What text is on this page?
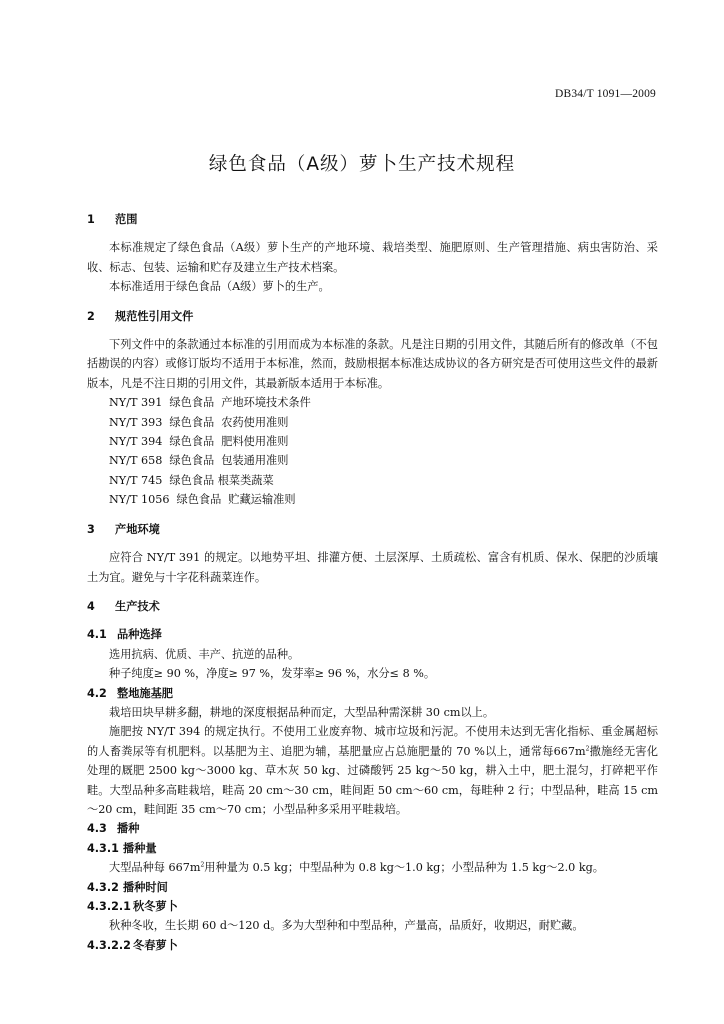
DB34/T 1091—2009
绿色食品（A级）萝卜生产技术规程
1 范围

本标准规定了绿色食品（A级）萝卜生产的产地环境、栽培类型、施肥原则、生产管理措施、病虫害防治、采收、标志、包装、运输和贮存及建立生产技术档案。

本标准适用于绿色食品（A级）萝卜的生产。

2 规范性引用文件

下列文件中的条款通过本标准的引用而成为本标准的条款。凡是注日期的引用文件，其随后所有的修改单（不包括勘误的内容）或修订版均不适用于本标准，然而，鼓励根据本标准达成协议的各方研究是否可使用这些文件的最新版本，凡是不注日期的引用文件，其最新版本适用于本标准。

NY/T 391  绿色食品  产地环境技术条件
NY/T 393  绿色食品  农药使用准则
NY/T 394  绿色食品  肥料使用准则
NY/T 658  绿色食品  包装通用准则
NY/T 745  绿色食品 根菜类蔬菜
NY/T 1056  绿色食品  贮藏运输准则
3 产地环境

应符合 NY/T 391 的规定。以地势平坦、排灌方便、土层深厚、土质疏松、富含有机质、保水、保肥的沙质壤土为宜。避免与十字花科蔬菜连作。

4 生产技术
4.1 品种选择

选用抗病、优质、丰产、抗逆的品种。

种子纯度≥ 90 %，净度≥ 97 %，发芽率≥ 96 %，水分≤ 8 %。

4.2 整地施基肥

栽培田块早耕多翻，耕地的深度根据品种而定，大型品种需深耕 30 cm以上。

施肥按 NY/T 394 的规定执行。不使用工业废弃物、城市垃圾和污泥。不使用未达到无害化指标、重金属超标的人畜粪尿等有机肥料。以基肥为主、追肥为辅，基肥量应占总施肥量的 70 %以上，通常每$667m^2$撒施经无害化处理的厩肥 2500 kg～3000 kg、草木灰 50 kg、过磷酸钙 25 kg～50 kg，耕入土中，肥土混匀，打碎耙平作畦。大型品种多高畦栽培，畦高 20 cm～30 cm，畦间距 50 cm～60 cm，每畦种 2 行；中型品种，畦高 15 cm～20 cm，畦间距 35 cm～70 cm；小型品种多采用平畦栽培。

4.3 播种
4.3.1 播种量

大型品种每 $667m^2$用种量为 0.5 kg；中型品种为 0.8 kg～1.0 kg；小型品种为 1.5 kg～2.0 kg。

4.3.2 播种时间
4.3.2.1 秋冬萝卜

秋种冬收，生长期 60 d～120 d。多为大型种和中型品种，产量高，品质好，收期迟，耐贮藏。

4.3.2.2 冬春萝卜
